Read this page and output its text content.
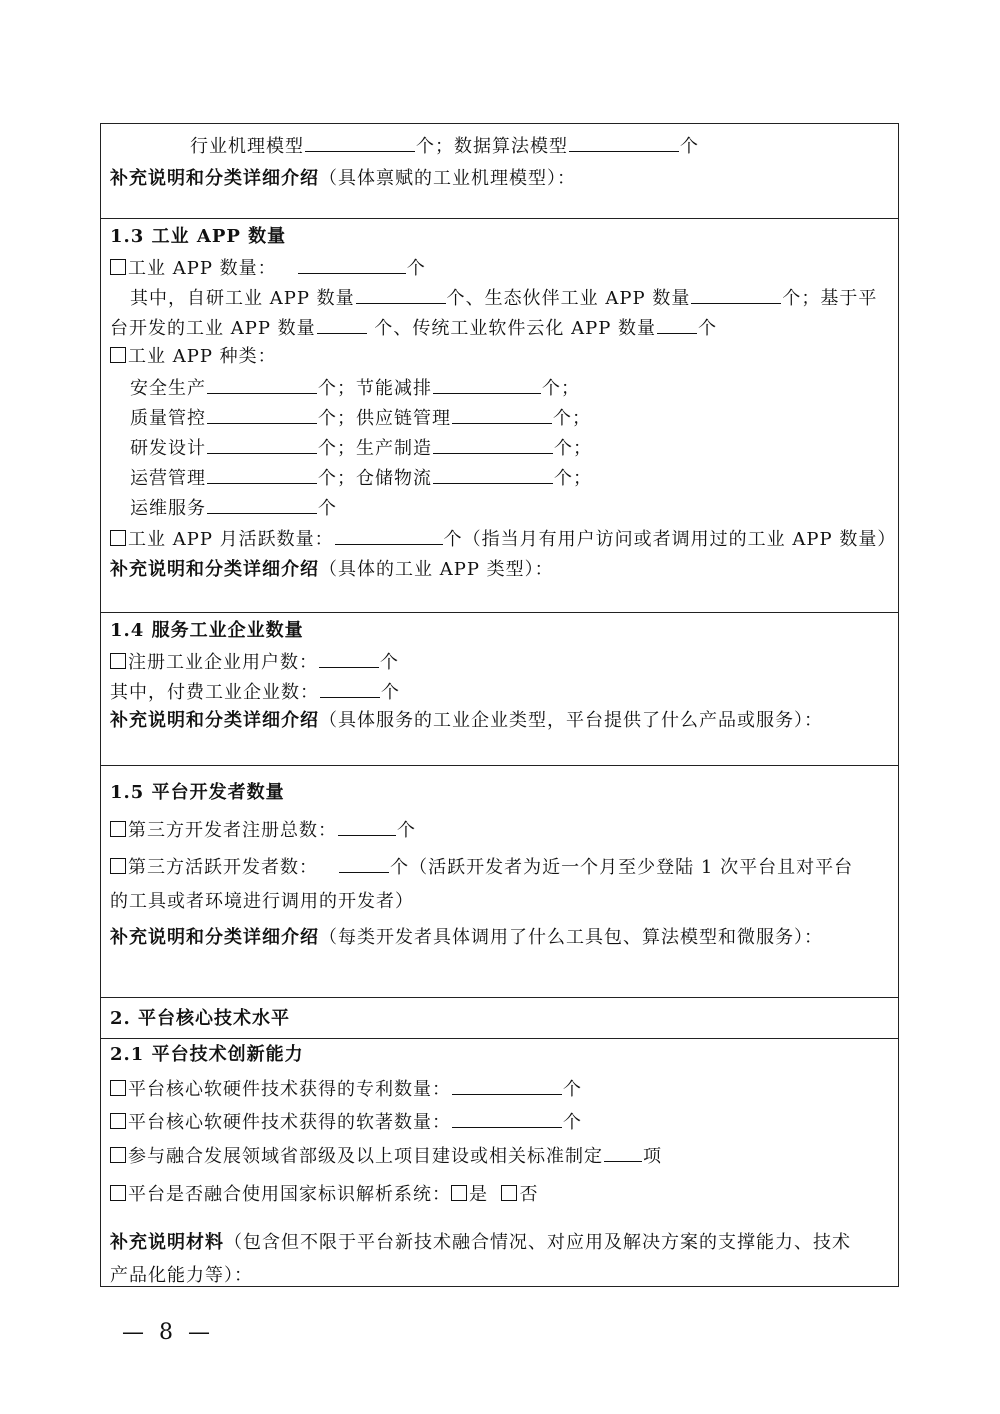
行业机理模型	个；数据算法模型	个
补充说明和分类详细介绍（具体禀赋的工业机理模型）：
1.3 工业 APP 数量
工业 APP 数量：	个
其中，自研工业 APP 数量	个、生态伙伴工业 APP 数量	个；基于平
台开发的工业 APP 数量	个、传统工业软件云化 APP 数量 个
工业 APP 种类：
安全生产	个；节能减排	个；
质量管控	个；供应链管理	个；
研发设计	个；生产制造	个；
运营管理	个；仓储物流	个；
运维服务	个
工业 APP 月活跃数量：	个（指当月有用户访问或者调用过的工业 APP 数量）
补充说明和分类详细介绍（具体的工业 APP 类型）：
1.4 服务工业企业数量
注册工业企业用户数：	个
其中，付费工业企业数：	个
补充说明和分类详细介绍（具体服务的工业企业类型，平台提供了什么产品或服务）：
1.5 平台开发者数量
第三方开发者注册总数：	个
第三方活跃开发者数：	个（活跃开发者为近一个月至少登陆 1 次平台且对平台
的工具或者环境进行调用的开发者）
补充说明和分类详细介绍（每类开发者具体调用了什么工具包、算法模型和微服务）：
2. 平台核心技术水平
2.1 平台技术创新能力
平台核心软硬件技术获得的专利数量：	个
平台核心软硬件技术获得的软著数量：	个
参与融合发展领域省部级及以上项目建设或相关标准制定 项
平台是否融合使用国家标识解析系统： 是 否
补充说明材料（包含但不限于平台新技术融合情况、对应用及解决方案的支撑能力、技术
产品化能力等）：
— 8 —
